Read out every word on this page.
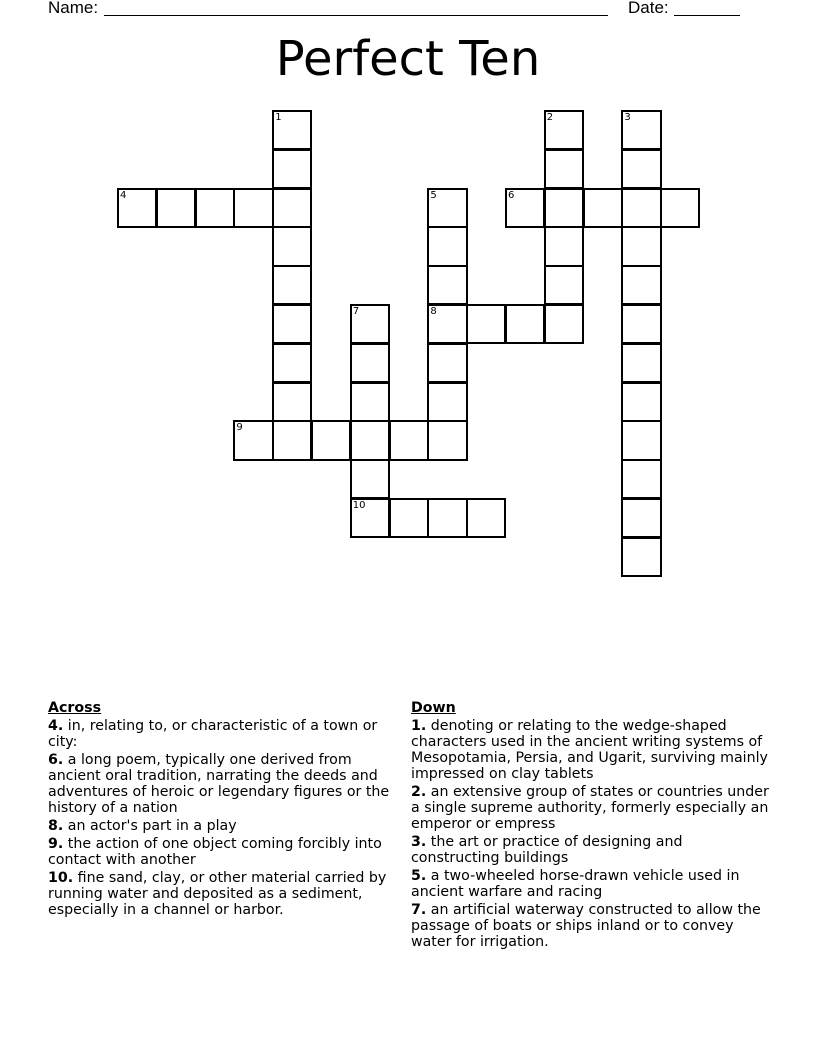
Name:	Date:
Perfect Ten
1	2	3
4	5
8
6
7
10
9
Across
4. in, relating to, or characteristic of a town or city:
6. a long poem, typically one derived from ancient oral tradition, narrating the deeds and adventures of heroic or legendary figures or the history of a nation
8. an actor's part in a play
9. the action of one object coming forcibly into contact with another
10. fine sand, clay, or other material carried by running water and deposited as a sediment, especially in a channel or harbor.
Down
1. denoting or relating to the wedge-shaped characters used in the ancient writing systems of Mesopotamia, Persia, and Ugarit, surviving mainly impressed on clay tablets
2. an extensive group of states or countries under a single supreme authority, formerly especially an emperor or empress
3. the art or practice of designing and constructing buildings
5. a two-wheeled horse-drawn vehicle used in ancient warfare and racing
7. an artificial waterway constructed to allow the passage of boats or ships inland or to convey water for irrigation.
